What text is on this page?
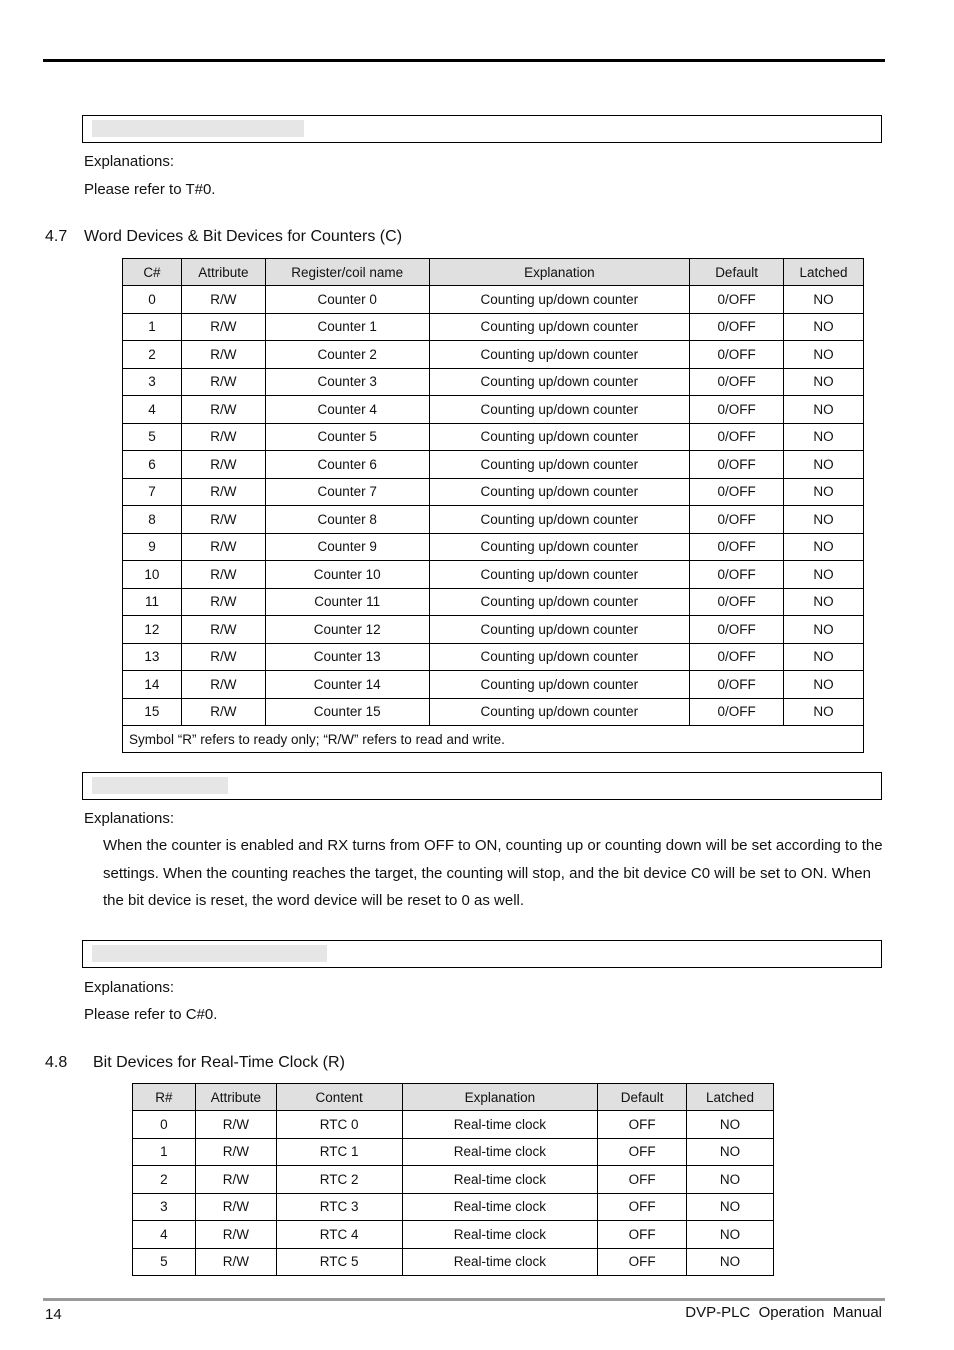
Explanations:
Please refer to T#0.
4.7 Word Devices & Bit Devices for Counters (C)
C#	Attribute	Register/coil name	Explanation	Default	Latched
0	R/W	Counter 0	Counting up/down counter	0/OFF	NO
1	R/W	Counter 1	Counting up/down counter	0/OFF	NO
2	R/W	Counter 2	Counting up/down counter	0/OFF	NO
3	R/W	Counter 3	Counting up/down counter	0/OFF	NO
4	R/W	Counter 4	Counting up/down counter	0/OFF	NO
5	R/W	Counter 5	Counting up/down counter	0/OFF	NO
6	R/W	Counter 6	Counting up/down counter	0/OFF	NO
7	R/W	Counter 7	Counting up/down counter	0/OFF	NO
8	R/W	Counter 8	Counting up/down counter	0/OFF	NO
9	R/W	Counter 9	Counting up/down counter	0/OFF	NO
10	R/W	Counter 10	Counting up/down counter	0/OFF	NO
11	R/W	Counter 11	Counting up/down counter	0/OFF	NO
12	R/W	Counter 12	Counting up/down counter	0/OFF	NO
13	R/W	Counter 13	Counting up/down counter	0/OFF	NO
14	R/W	Counter 14	Counting up/down counter	0/OFF	NO
15	R/W	Counter 15	Counting up/down counter	0/OFF	NO
Symbol “R” refers to ready only; “R/W” refers to read and write.					
Explanations:
When the counter is enabled and RX turns from OFF to ON, counting up or counting down will be set according to the settings. When the counting reaches the target, the counting will stop, and the bit device C0 will be set to ON. When the bit device is reset, the word device will be reset to 0 as well.
Explanations:
Please refer to C#0.
4.8 Bit Devices for Real-Time Clock (R)
R#	Attribute	Content	Explanation	Default	Latched
0	R/W	RTC 0	Real-time clock	OFF	NO
1	R/W	RTC 1	Real-time clock	OFF	NO
2	R/W	RTC 2	Real-time clock	OFF	NO
3	R/W	RTC 3	Real-time clock	OFF	NO
4	R/W	RTC 4	Real-time clock	OFF	NO
5	R/W	RTC 5	Real-time clock	OFF	NO
14	DVP-PLC  Operation  Manual
